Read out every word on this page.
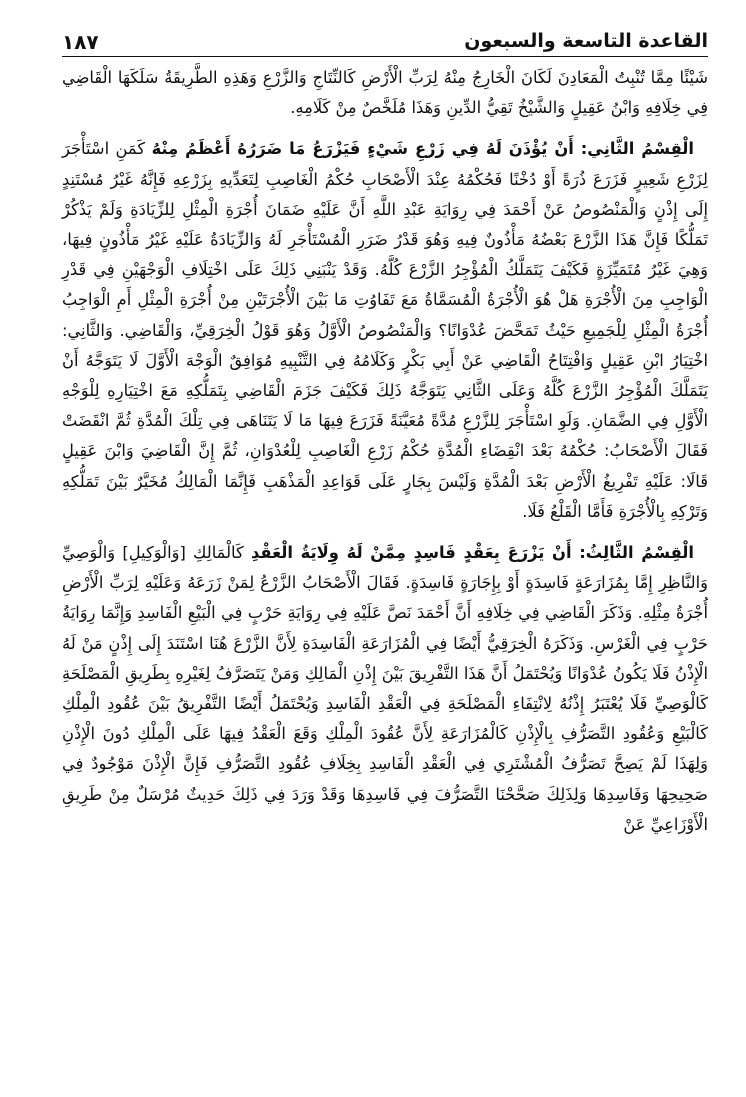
القاعدة التاسعة والسبعون
١٨٧

شَيْئًا مِمَّا تُنْبِتُ الْمَعَادِنَ لَكَانَ الْخَارِجُ مِنْهُ لِرَبِّ الْأَرْضِ كَالنِّتَاجِ وَالزَّرْعِ وَهَذِهِ الطَّرِيقَةُ سَلَكَهَا الْقَاضِي فِي خِلَافِهِ وَابْنُ عَقِيلٍ وَالشَّيْخُ تَقِيُّ الدِّينِ وَهَذَا مُلَخَّصٌ مِنْ كَلَامِهِ.

الْقِسْمُ الثَّانِي: أَنْ يُؤْذَنَ لَهُ فِي زَرْعِ شَيْءٍ فَيَزْرَعُ مَا ضَرَرُهُ أَعْظَمُ مِنْهُ كَمَنِ اسْتَأْجَرَ لِزَرْعِ شَعِيرٍ فَزَرَعَ ذُرَةً أَوْ دُخْنًا فَحُكْمُهُ عِنْدَ الْأَصْحَابِ حُكْمُ الْغَاصِبِ لِتَعَدِّيهِ بِزَرْعِهِ فَإِنَّهُ غَيْرُ مُسْتَنِدٍ إِلَى إِذْنٍ وَالْمَنْصُوصُ عَنْ أَحْمَدَ فِي رِوَايَةِ عَبْدِ اللَّهِ أَنَّ عَلَيْهِ ضَمَانَ أُجْرَةِ الْمِثْلِ لِلزِّيَادَةِ وَلَمْ يَذْكُرْ تَمَلُّكًا فَإِنَّ هَذَا الزَّرْعَ بَعْضُهُ مَأْذُونٌ فِيهِ وَهُوَ قَدْرُ ضَرَرِ الْمُسْتَأْجَرِ لَهُ وَالزِّيَادَةُ عَلَيْهِ غَيْرُ مَأْذُونٍ فِيهَا، وَهِيَ غَيْرُ مُتَمَيِّزَةٍ فَكَيْفَ يَتَمَلَّكُ الْمُؤْجِرُ الزَّرْعَ كُلَّهُ. وَقَدْ يَنْبَنِي ذَلِكَ عَلَى اخْتِلَافِ الْوَجْهَيْنِ فِي قَدْرِ الْوَاجِبِ مِنَ الْأُجْرَةِ هَلْ هُوَ الْأُجْرَةُ الْمُسَمَّاةُ مَعَ تَفَاوُتِ مَا بَيْنَ الْأُجْرَتَيْنِ مِنْ أُجْرَةِ الْمِثْلِ أَمِ الْوَاجِبُ أُجْرَةُ الْمِثْلِ لِلْجَمِيعِ حَيْثُ تَمَحَّضَ عُدْوَانًا؟ وَالْمَنْصُوصُ الْأَوَّلُ وَهُوَ قَوْلُ الْخِرَقِيِّ، وَالْقَاضِي. وَالثَّانِي: اخْتِيَارُ ابْنِ عَقِيلٍ وَافْتِتَاحُ الْقَاضِي عَنْ أَبِي بَكْرٍ وَكَلَامُهُ فِي التَّنْبِيهِ مُوَافِقٌ الْوَجْهَ الْأَوَّلَ لَا يَتَوَجَّهُ أَنْ يَتَمَلَّكَ الْمُؤْجِرُ الزَّرْعَ كُلَّهُ وَعَلَى الثَّانِي يَتَوَجَّهُ ذَلِكَ فَكَيْفَ جَزَمَ الْقَاضِي بِتَمَلُّكِهِ مَعَ اخْتِيَارِهِ لِلْوَجْهِ الْأَوَّلِ فِي الضَّمَانِ. وَلَوِ اسْتَأْجَرَ لِلزَّرْعِ مُدَّةً مُعَيَّنَةً فَزَرَعَ فِيهَا مَا لَا يَتَنَاهَى فِي تِلْكَ الْمُدَّةِ ثُمَّ انْقَضَتْ فَقَالَ الْأَصْحَابُ: حُكْمُهُ بَعْدَ انْقِضَاءِ الْمُدَّةِ حُكْمُ زَرْعِ الْغَاصِبِ لِلْعُدْوَانِ، ثُمَّ إِنَّ الْقَاضِيَ وَابْنَ عَقِيلٍ قَالَا: عَلَيْهِ تَفْرِيغُ الْأَرْضِ بَعْدَ الْمُدَّةِ وَلَيْسَ بِجَارٍ عَلَى قَوَاعِدِ الْمَذْهَبِ فَإِنَّمَا الْمَالِكُ مُخَيَّرٌ بَيْنَ تَمَلُّكِهِ وَتَرْكِهِ بِالْأُجْرَةِ فَأَمَّا الْقَلْعُ فَلَا.

الْقِسْمُ الثَّالِثُ: أَنْ يَزْرَعَ بِعَقْدٍ فَاسِدٍ مِمَّنْ لَهُ وِلَايَةُ الْعَقْدِ كَالْمَالِكِ [وَالْوَكِيلِ] وَالْوَصِيِّ وَالنَّاظِرِ إِمَّا بِمُزَارَعَةٍ فَاسِدَةٍ أَوْ بِإِجَارَةٍ فَاسِدَةٍ. فَقَالَ الْأَصْحَابُ الزَّرْعُ لِمَنْ زَرَعَهُ وَعَلَيْهِ لِرَبِّ الْأَرْضِ أُجْرَةُ مِثْلِهِ. وَذَكَرَ الْقَاضِي فِي خِلَافِهِ أَنَّ أَحْمَدَ نَصَّ عَلَيْهِ فِي رِوَايَةِ حَرْبٍ فِي الْبَيْعِ الْفَاسِدِ وَإِنَّمَا رِوَايَةُ حَرْبٍ فِي الْغَرْسِ. وَذَكَرَهُ الْخِرَقِيُّ أَيْضًا فِي الْمُزَارَعَةِ الْفَاسِدَةِ لِأَنَّ الزَّرْعَ هُنَا اسْتَنَدَ إِلَى إِذْنٍ مَنْ لَهُ الْإِذْنُ فَلَا يَكُونُ عُدْوَانًا وَيُحْتَمَلُ أَنَّ هَذَا التَّفْرِيقَ بَيْنَ إِذْنِ الْمَالِكِ وَمَنْ يَتَصَرَّفُ لِغَيْرِهِ بِطَرِيقِ الْمَصْلَحَةِ كَالْوَصِيِّ فَلَا يُعْتَبَرُ إِذْنُهُ لِانْتِفَاءِ الْمَصْلَحَةِ فِي الْعَقْدِ الْفَاسِدِ وَيُحْتَمَلُ أَيْضًا التَّفْرِيقُ بَيْنَ عُقُودِ الْمِلْكِ كَالْبَيْعِ وَعُقُودِ التَّصَرُّفِ بِالْإِذْنِ كَالْمُزَارَعَةِ لِأَنَّ عُقُودَ الْمِلْكِ وَقَعَ الْعَقْدُ فِيهَا عَلَى الْمِلْكِ دُونَ الْإِذْنِ وَلِهَذَا لَمْ يَصِحَّ تَصَرُّفُ الْمُشْتَرِي فِي الْعَقْدِ الْفَاسِدِ بِخِلَافِ عُقُودِ التَّصَرُّفِ فَإِنَّ الْإِذْنَ مَوْجُودٌ فِي صَحِيحِهَا وَفَاسِدِهَا وَلِذَلِكَ صَحَّحْنَا التَّصَرُّفَ فِي فَاسِدِهَا وَقَدْ وَرَدَ فِي ذَلِكَ حَدِيثٌ مُرْسَلٌ مِنْ طَرِيقِ الْأَوْزَاعِيِّ عَنْ
